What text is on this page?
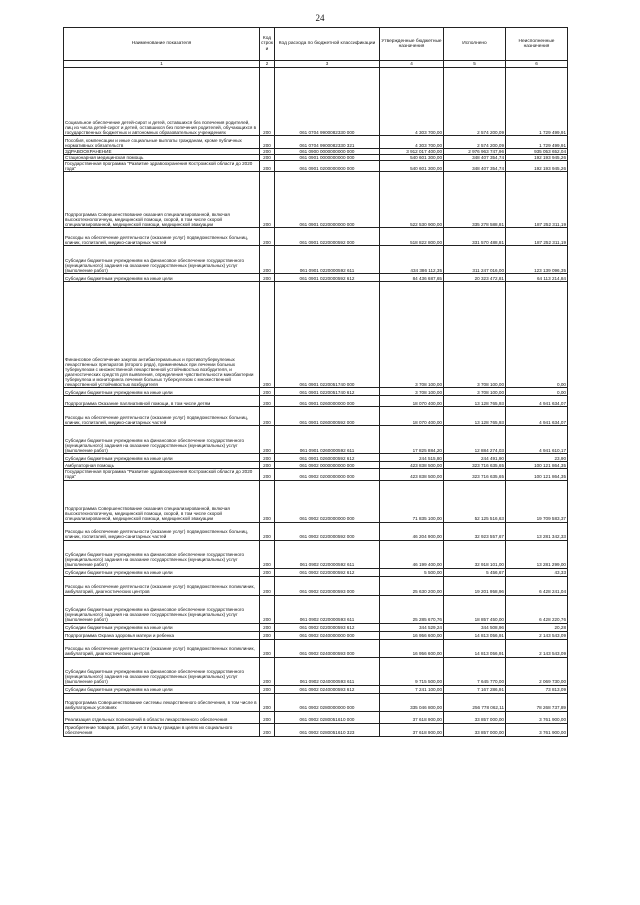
24
Наименование показателя	Код строк и	Код расхода по бюджетной классификации	Утвержденные бюджетные назначения	Исполнено	Неисполненные назначения
1	2	3	4	5	6
Социальное обеспечение детей-сирот и детей, оставшихся без попечения родителей, лиц из числа детей-сирот и детей, оставшихся без попечения родителей, обучающихся в государственных бюджетных и автономных образовательных учреждениях	200	061 0704 9900082330 000	4 303 700,00	2 574 200,09	1 729 499,91
Пособия, компенсации и иные социальные выплаты гражданам, кроме публичных нормативных обязательств	200	061 0704 9900082330 321	4 303 700,00	2 574 200,09	1 729 499,91
ЗДРАВООХРАНЕНИЕ	200	061 0900 0000000000 000	3 912 017 400,00	2 976 963 747,96	935 053 652,04
Стационарная медицинская помощь	200	061 0901 0000000000 000	540 601 300,00	348 407 354,74	192 193 945,26
Государственная программа "Развитие здравоохранения Костромской области до 2020 года"	200	061 0901 0200000000 000	540 601 300,00	348 407 354,74	192 193 945,26
Подпрограмма Совершенствование оказания специализированной, включая высокотехнологичную, медицинской помощи, скорой, в том числе скорой специализированной, медицинской помощи, медицинской эвакуации	200	061 0901 0220000000 000	522 530 900,00	335 278 588,81	187 252 311,19
Расходы на обеспечение деятельности (оказание услуг) подведомственных больниц, клиник, госпиталей, медико-санитарных частей	200	061 0901 0220000592 000	518 822 800,00	331 570 488,81	187 252 311,19
Субсидии бюджетным учреждениям на финансовое обеспечение государственного (муниципального) задания на оказание государственных (муниципальных) услуг (выполнение работ)	200	061 0901 0220000592 611	434 386 112,35	311 247 016,00	123 139 096,35
Субсидии бюджетным учреждениям на иные цели	200	061 0901 0220000592 612	84 436 687,65	20 323 472,81	64 113 214,84
Финансовое обеспечение закупок антибактериальных и противотуберкулезных лекарственных препаратов (второго ряда), применяемых при лечении больных туберкулезом с множественной лекарственной устойчивостью возбудителя, и диагностических средств для выявления, определения чувствительности микобактерии туберкулеза и мониторинга лечения больных туберкулезом с множественной лекарственной устойчивостью возбудителя	200	061 0901 0220051740 000	3 708 100,00	3 708 100,00	0,00
Субсидии бюджетным учреждениям на иные цели	200	061 0901 0220051740 612	3 708 100,00	3 708 100,00	0,00
Подпрограмма Оказание паллиативной помощи, в том числе детям	200	061 0901 0260000000 000	18 070 400,00	13 128 765,93	4 941 634,07
Расходы на обеспечение деятельности (оказание услуг) подведомственных больниц, клиник, госпиталей, медико-санитарных частей	200	061 0901 0260000592 000	18 070 400,00	13 128 765,93	4 941 634,07
Субсидии бюджетным учреждениям на финансовое обеспечение государственного (муниципального) задания на оказание государственных (муниципальных) услуг (выполнение работ)	200	061 0901 0260000592 611	17 825 884,20	12 884 274,03	4 941 610,17
Субсидии бюджетным учреждениям на иные цели	200	061 0901 0260000592 612	244 515,80	244 491,90	23,90
Амбулаторная помощь	200	061 0902 0000000000 000	423 838 500,00	323 716 635,65	100 121 864,35
Государственная программа "Развитие здравоохранения Костромской области до 2020 года"	200	061 0902 0200000000 000	423 838 500,00	323 716 635,65	100 121 864,35
Подпрограмма Совершенствование оказания специализированной, включая высокотехнологичную, медицинской помощи, скорой, в том числе скорой специализированной, медицинской помощи, медицинской эвакуации	200	061 0902 0220000000 000	71 835 100,00	52 125 516,63	19 709 583,37
Расходы на обеспечение деятельности (оказание услуг) подведомственных больниц, клиник, госпиталей, медико-санитарных частей	200	061 0902 0220000592 000	46 204 900,00	32 923 557,67	13 281 342,33
Субсидии бюджетным учреждениям на финансовое обеспечение государственного (муниципального) задания на оказание государственных (муниципальных) услуг (выполнение работ)	200	061 0902 0220000592 611	46 199 400,00	32 918 101,00	13 281 299,00
Субсидии бюджетным учреждениям на иные цели	200	061 0902 0220000592 612	5 500,00	5 456,67	43,33
Расходы на обеспечение деятельности (оказание услуг) подведомственных поликлиник, амбулаторий, диагностических центров	200	061 0902 0220000593 000	25 630 200,00	19 201 958,96	6 428 241,04
Субсидии бюджетным учреждениям на финансовое обеспечение государственного (муниципального) задания на оказание государственных (муниципальных) услуг (выполнение работ)	200	061 0902 0220000593 611	25 285 670,76	18 857 450,00	6 428 220,76
Субсидии бюджетным учреждениям на иные цели	200	061 0902 0220000593 612	344 529,24	344 508,96	20,28
Подпрограмма Охрана здоровья матери и ребенка	200	061 0902 0240000000 000	16 956 600,00	14 813 056,91	2 143 543,09
Расходы на обеспечение деятельности (оказание услуг) подведомственных поликлиник, амбулаторий, диагностических центров	200	061 0902 0240000593 000	16 956 600,00	14 813 056,91	2 143 543,09
Субсидии бюджетным учреждениям на финансовое обеспечение государственного (муниципального) задания на оказание государственных (муниципальных) услуг (выполнение работ)	200	061 0902 0240000593 611	9 715 500,00	7 645 770,00	2 069 730,00
Субсидии бюджетным учреждениям на иные цели	200	061 0902 0240000593 612	7 241 100,00	7 167 286,91	73 813,09
Подпрограмма Совершенствование системы лекарственного обеспечения, в том числе в амбулаторных условиях	200	061 0902 0280000000 000	335 046 800,00	256 778 062,11	78 268 737,89
Реализация отдельных полномочий в области лекарственного обеспечения	200	061 0902 0280051610 000	37 618 900,00	33 857 000,00	3 761 900,00
Приобретение товаров, работ, услуг в пользу граждан в целях их социального обеспечения	200	061 0902 0280051610 323	37 618 900,00	33 857 000,00	3 761 900,00
